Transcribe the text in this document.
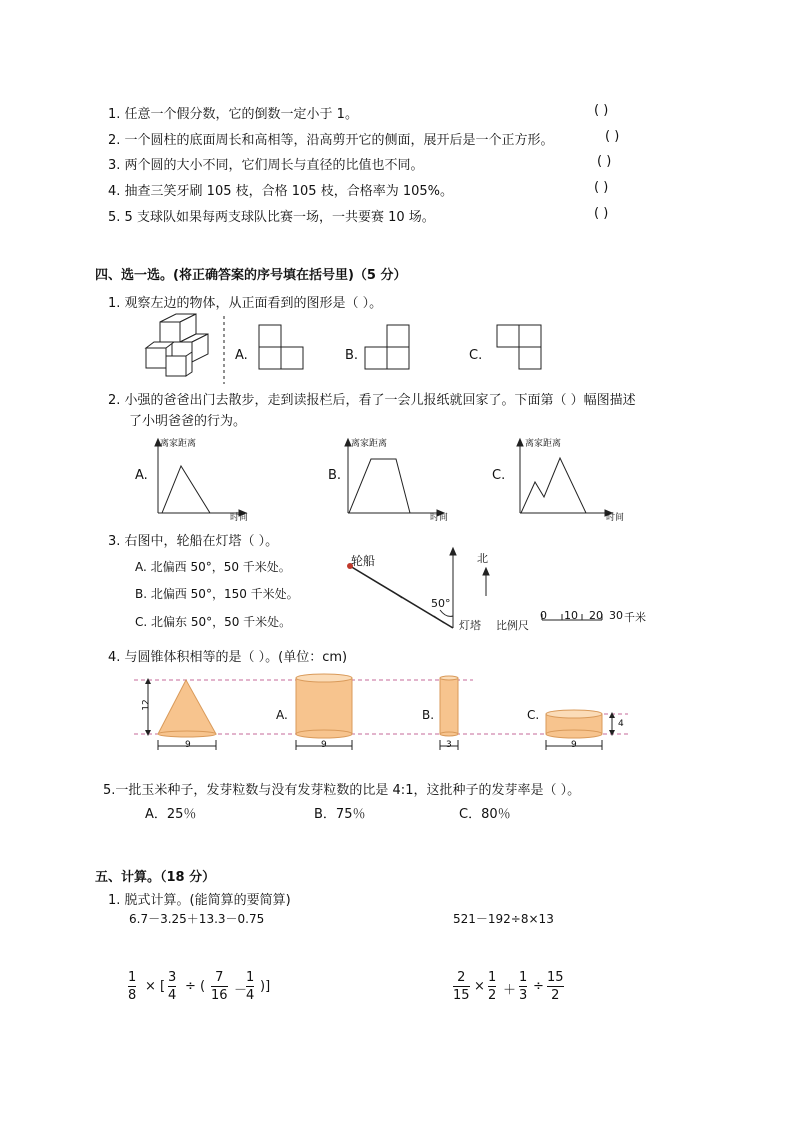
1. 任意一个假分数，它的倒数一定小于 1。	( )
2. 一个圆柱的底面周长和高相等，沿高剪开它的侧面，展开后是一个正方形。	( )
3. 两个圆的大小不同，它们周长与直径的比值也不同。	( )
4. 抽查三笑牙刷 105 枝，合格 105 枝，合格率为 105%。	( )
5. 5 支球队如果每两支球队比赛一场，一共要赛 10 场。	( )
四、选一选。(将正确答案的序号填在括号里)（5 分）
1. 观察左边的物体，从正面看到的图形是（ ）。
A.	B.	C.
2. 小强的爸爸出门去散步，走到读报栏后，看了一会儿报纸就回家了。下面第（ ）幅图描述
了小明爸爸的行为。
A.
离家距离
时间
B.
离家距离
时间
C.
离家距离
时间
3. 右图中，轮船在灯塔（ ）。
A. 北偏西 50°，50 千米处。
B. 北偏西 50°，150 千米处。
C. 北偏东 50°，50 千米处。
轮船	北
50°
灯塔 比例尺
0 10 20 30 千米
4. 与圆锥体积相等的是（ ）。(单位：cm)
12
9
A.
9
B.
3
C.
9
4
5.一批玉米种子，发芽粒数与没有发芽粒数的比是 4:1，这批种子的发芽率是（ ）。
A．25％	B．75％	C．80％
五、计算。（18 分）
1. 脱式计算。(能简算的要简算)
6.7－3.25＋13.3－0.75	521－192÷8×13
1
8
× [
3
4
÷ (
7
16 －
1
4
)]
2
15
×
1
2 ＋
1
3
÷
15
2
